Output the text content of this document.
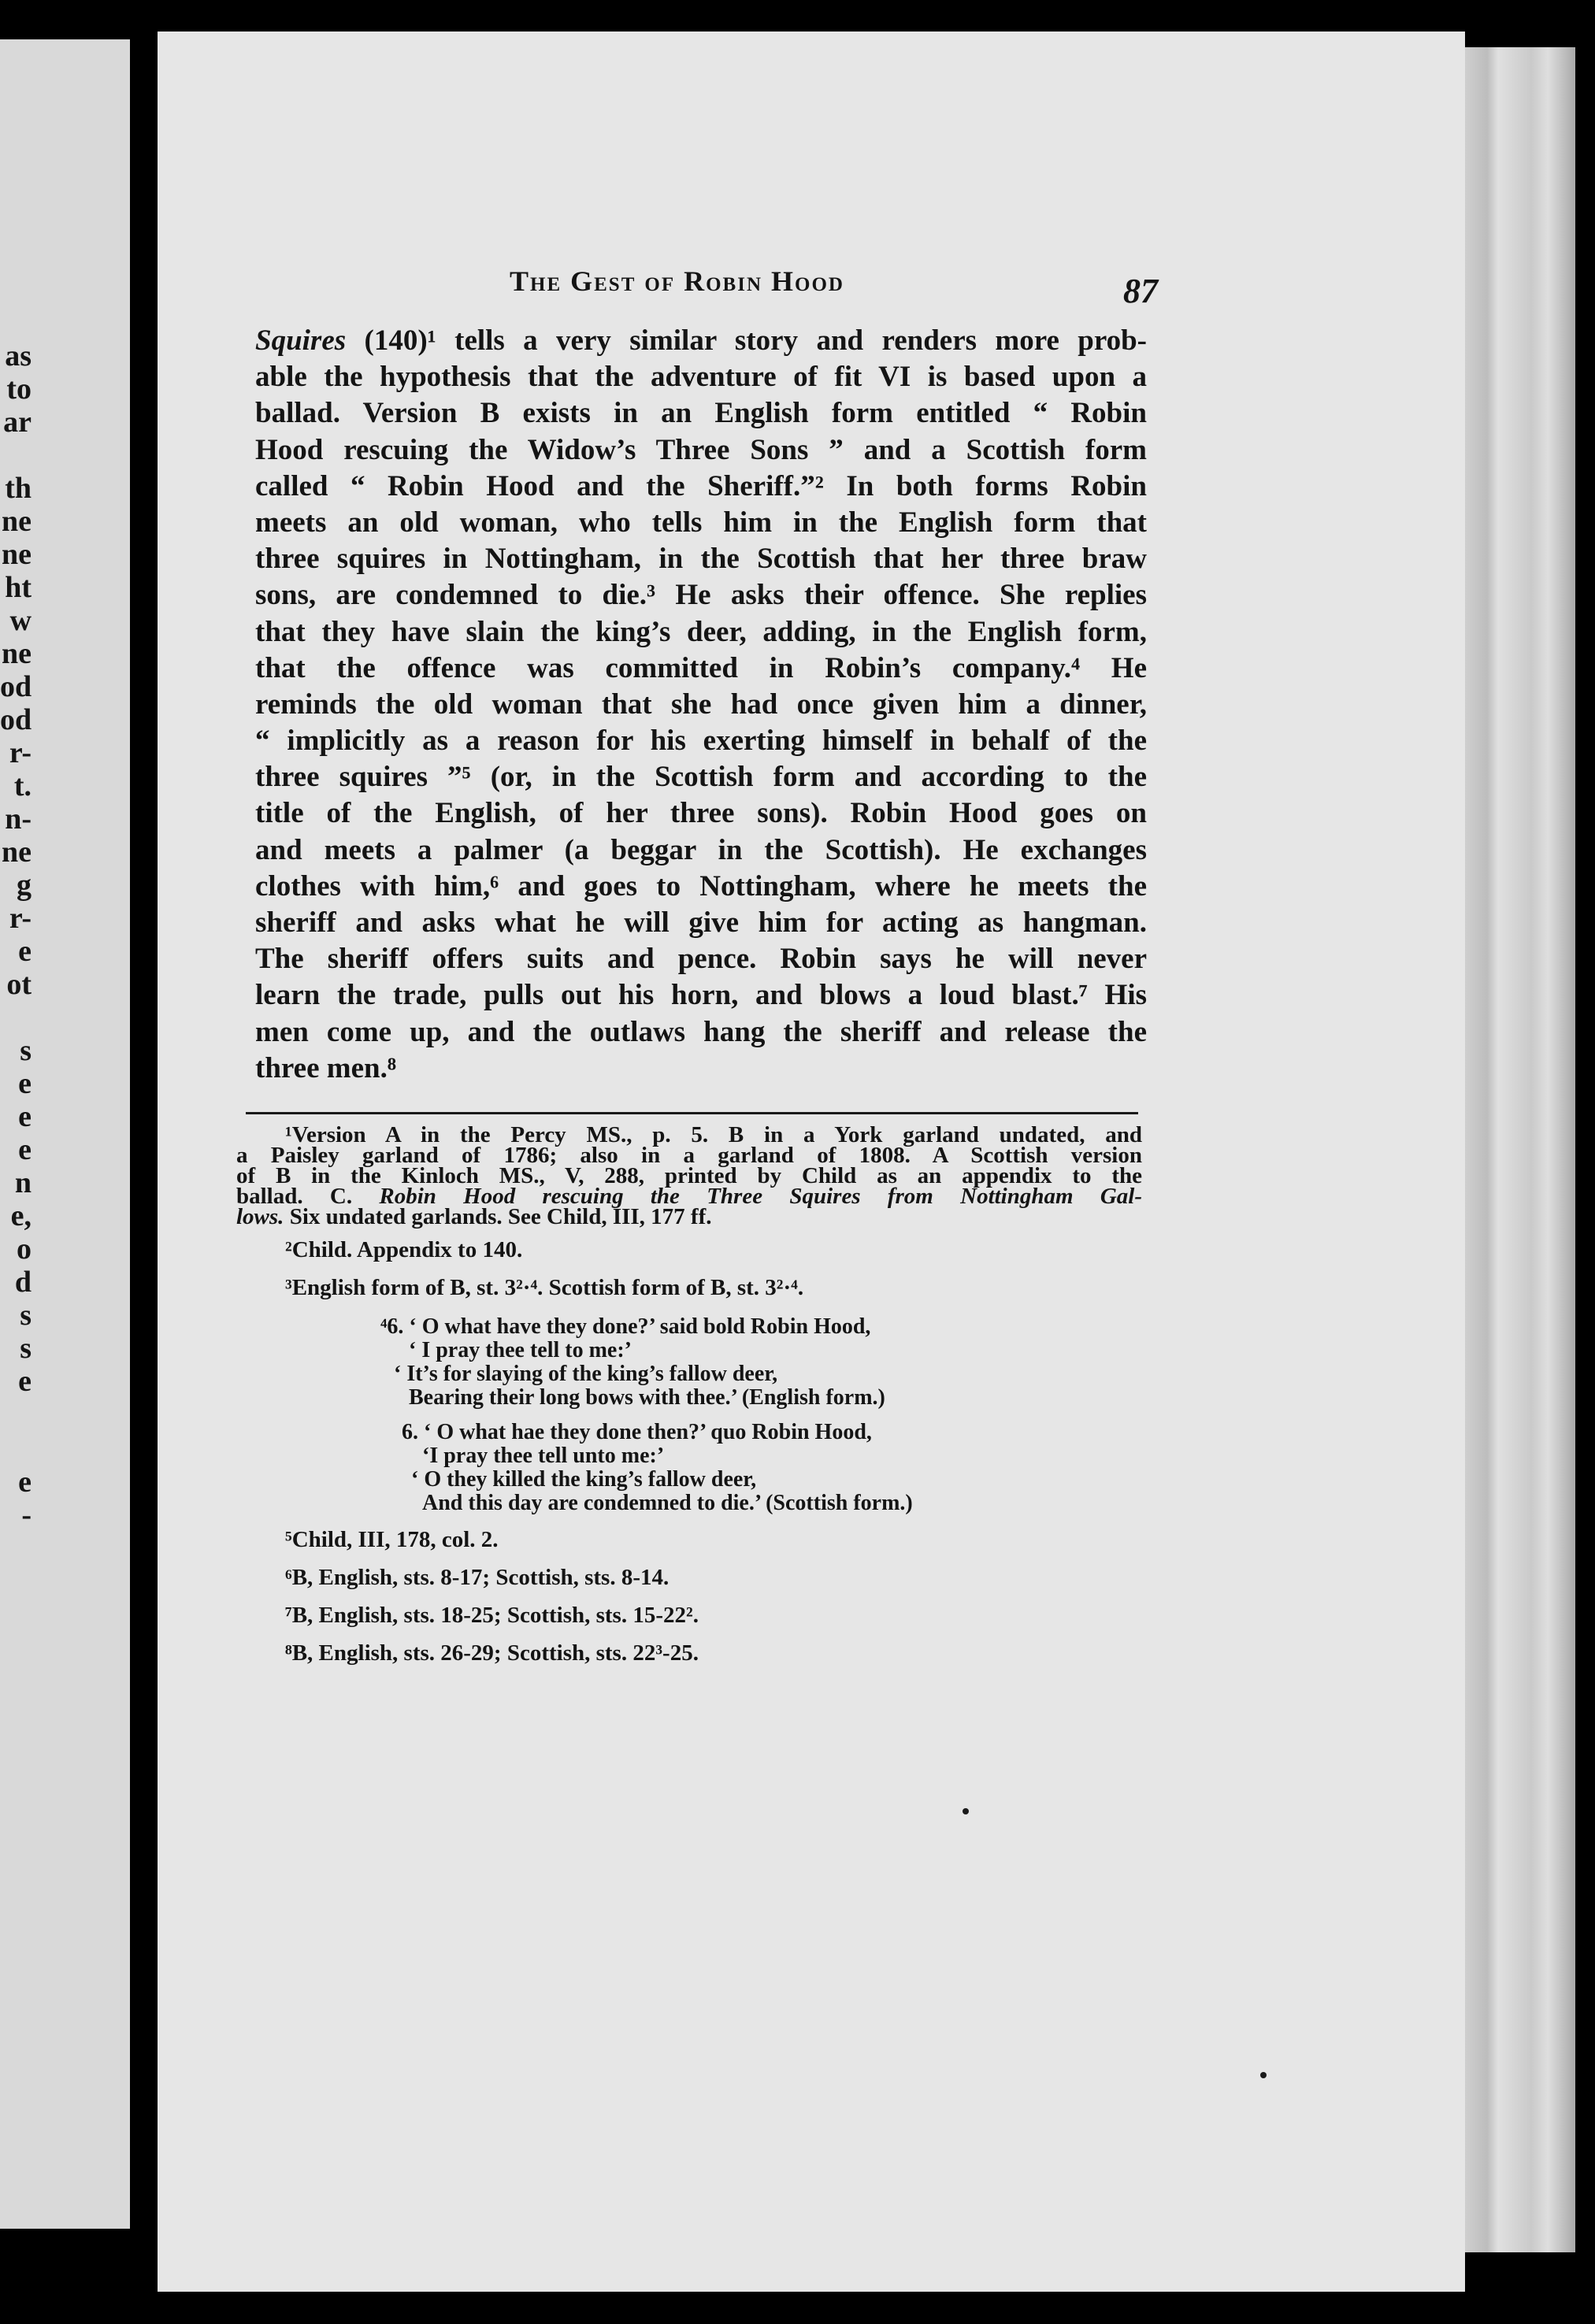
The Gest of Robin Hood	87
as
to
ar
th
ne
ne
ht
w
ne
od
od
r-
t.
n-
ne
g
r-
e
ot
s
e
e
e
n
e,
o
d
s
s
e
e
-
Squires (140)¹ tells a very similar story and renders more prob-
able the hypothesis that the adventure of fit VI is based upon a
ballad. Version B exists in an English form entitled “ Robin
Hood rescuing the Widow’s Three Sons ” and a Scottish form
called “ Robin Hood and the Sheriff.”² In both forms Robin
meets an old woman, who tells him in the English form that
three squires in Nottingham, in the Scottish that her three braw
sons, are condemned to die.³ He asks their offence. She replies
that they have slain the king’s deer, adding, in the English form,
that the offence was committed in Robin’s company.⁴ He
reminds the old woman that she had once given him a dinner,
“ implicitly as a reason for his exerting himself in behalf of the
three squires ”⁵ (or, in the Scottish form and according to the
title of the English, of her three sons). Robin Hood goes on
and meets a palmer (a beggar in the Scottish). He exchanges
clothes with him,⁶ and goes to Nottingham, where he meets the
sheriff and asks what he will give him for acting as hangman.
The sheriff offers suits and pence. Robin says he will never
learn the trade, pulls out his horn, and blows a loud blast.⁷ His
men come up, and the outlaws hang the sheriff and release the
three men.⁸
¹Version A in the Percy MS., p. 5. B in a York garland undated, and
a Paisley garland of 1786; also in a garland of 1808. A Scottish version
of B in the Kinloch MS., V, 288, printed by Child as an appendix to the
ballad. C. Robin Hood rescuing the Three Squires from Nottingham Gal-
lows. Six undated garlands. See Child, III, 177 ff.
²Child. Appendix to 140.
³English form of B, st. 3²·⁴. Scottish form of B, st. 3²·⁴.
⁴6. ‘ O what have they done?’ said bold Robin Hood,
‘ I pray thee tell to me:’
‘ It’s for slaying of the king’s fallow deer,
Bearing their long bows with thee.’ (English form.)
6. ‘ O what hae they done then?’ quo Robin Hood,
‘I pray thee tell unto me:’
‘ O they killed the king’s fallow deer,
And this day are condemned to die.’ (Scottish form.)
⁵Child, III, 178, col. 2.
⁶B, English, sts. 8-17; Scottish, sts. 8-14.
⁷B, English, sts. 18-25; Scottish, sts. 15-22².
⁸B, English, sts. 26-29; Scottish, sts. 22³-25.
